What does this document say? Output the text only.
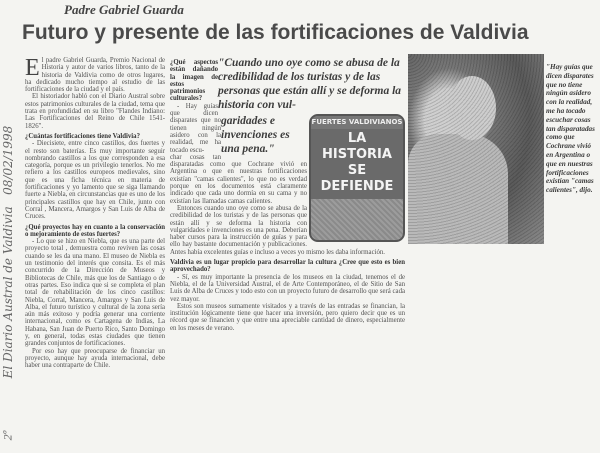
Padre Gabriel Guarda
Futuro y presente de las fortificaciones de Valdivia
E l padre Gabriel Guarda, Premio Nacional de Historia y autor de varios libros, tanto de la historia de Valdivia como de otros lugares, ha dedicado mucho tiempo al estudio de las fortificaciones de la ciudad y el país.

El historiador habló con el Diario Austral sobre estos patrimonios culturales de la ciudad, tema que trata en profundidad en su libro "Flandes Indiano: Las Fortificaciones del Reino de Chile 1541-1826".

¿Cuántas fortificaciones tiene Valdivia?

- Diecisiete, entre cinco castillos, dos fuertes y el resto son baterías. Es muy importante seguir nombrando castillos a los que corresponden a esa categoría, porque es un privilegio tenerlos. No me refiero a los castillos europeos medievales, sino que es una ficha técnica en materia de fortificaciones y yo lamento que se siga llamando fuerte a Niebla, en circunstancias que es uno de los principales castillos que hay en Chile, junto con Corral , Mancera, Amargos y San Luis de Alba de Cruces.

¿Qué proyectos hay en cuanto a la conservación o mejoramiento de estos fuertes?

- Lo que se hizo en Niebla, que es una parte del proyecto total , demuestra como reviven las cosas cuando se les da una mano. El museo de Niebla es un testimonio del interés que consita. Es el más concurrido de la Dirección de Museos y Bibliotecas de Chile, más que los de Santiago o de otras partes. Eso indica que si se completa el plan total de rehabilitación de los cinco castillos: Niebla, Corral, Mancera, Amargos y San Luis de Alba, el futuro turístico y cultural de la zona sería aún más exitoso y podría generar una corriente internacional, como es Cartagena de Indias, La Habana, San Juan de Puerto Rico, Santo Domingo y, en general, todas estas ciudades que tienen grandes conjuntos de fortificaciones.

Por eso hay que preocuparse de financiar un proyecto, aunque hay ayuda internacional, debe haber una contraparte de Chile.

"Cuando uno oye como se abusa de la credibilidad de los turistas y de las personas que están allí y se deforma la historia con vul-
FUERTES VALDIVIANOS
LA HISTORIA SE DEFIENDE
garidades e invenciones es una pena."

¿Qué aspectos están dañando la imagen de estos patrimonios culturales?

- Hay guías que dicen disparates que no tienen ningún asidero con la realidad, me ha tocado escu-

char cosas tan disparatadas como que Cochrane vivió en Argentina o que en nuestras fortificaciones existían "camas calientes", lo que no es verdad porque en los documentos está claramente indicado que cada uno dormía en su cama y no existían las llamadas camas calientes.

Entonces cuando uno oye como se abusa de la credibilidad de los turistas y de las personas que están allí y se deforma la historia con vulgaridades e invenciones es una pena. Deberían haber cursos para la instrucción de guías y para ello hay bastante documentación y publicaciones. Antes había excelentes guías e incluso a veces yo mismo les daba información.

Valdivia es un lugar propicio para desarrollar la cultura ¿Cree que esto es bien aprovechado?

- Sí, es muy importante la presencia de los museos en la ciudad, tenemos el de Niebla, el de la Universidad Austral, el de Arte Contemporáneo, el de Sitio de San Luis de Alba de Cruces y todo esto con un proyecto futuro de desarrollo que será cada vez mayor.

Estos son museos sumamente visitados y a través de las entradas se financian, la institución lógicamente tiene que hacer una inversión, pero quiero decir que es un récord que se financien y que entre una apreciable cantidad de dinero, especialmente en los meses de verano.

"Hay guías que dicen disparates que no tiene ningún asidero con la realidad, me ha tocado escuchar cosas tan disparatadas como que Cochrane vivió en Argentina o que en nuestras fortificaciones existían "camas calientes", dijo.
El Diario Austral de Valdivia   08/02/1998
2º
